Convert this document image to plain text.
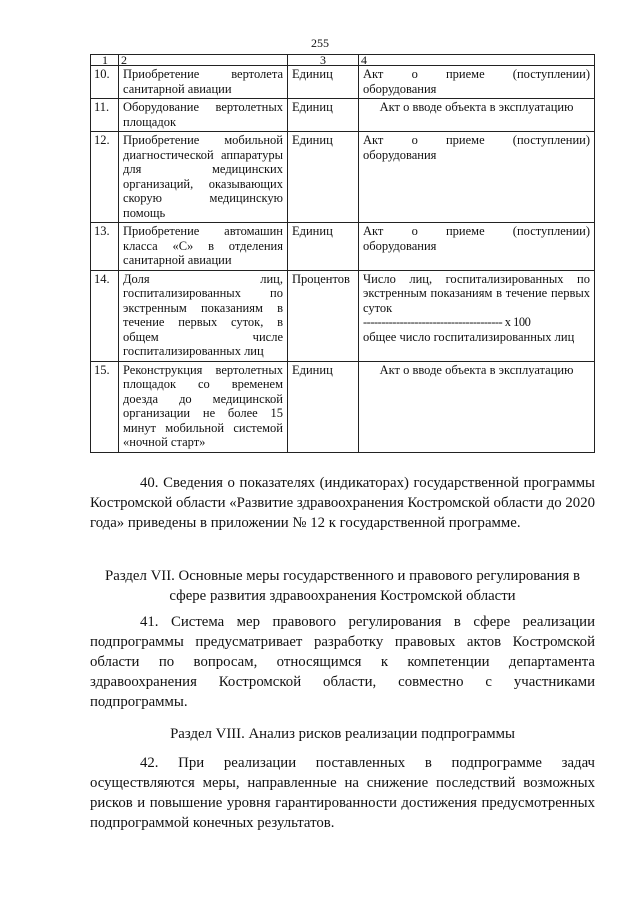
255
1	2	3	4
10.	Приобретение вертолета санитарной авиации	Единиц	Акт о приеме (поступлении) оборудования
11.	Оборудование вертолетных площадок	Единиц	Акт о вводе объекта в эксплуатацию
12.	Приобретение мобильной диагностической аппаратуры для медицинских организаций, оказывающих скорую медицинскую помощь	Единиц	Акт о приеме (поступлении) оборудования
13.	Приобретение автомашин класса «С» в отделения санитарной авиации	Единиц	Акт о приеме (поступлении) оборудования
14.	Доля лиц, госпитализированных по экстренным показаниям в течение первых суток, в общем числе госпитализированных лиц	Процентов	Число лиц, госпитализированных по экстренным показаниям в течение первых суток
-------------------------------------- х 100
общее число госпитализированных лиц

15.	Реконструкция вертолетных площадок со временем доезда до медицинской организации не более 15 минут мобильной системой «ночной старт»	Единиц	Акт о вводе объекта в эксплуатацию

40. Сведения о показателях (индикаторах) государственной программы Костромской области «Развитие здравоохранения Костромской области до 2020 года» приведены в приложении № 12 к государственной программе.

Раздел VII. Основные меры государственного и правового регулирования в сфере развития здравоохранения Костромской области

41. Система мер правового регулирования в сфере реализации подпрограммы предусматривает разработку правовых актов Костромской области по вопросам, относящимся к компетенции департамента здравоохранения Костромской области, совместно с участниками подпрограммы.

Раздел VIII. Анализ рисков реализации подпрограммы

42. При реализации поставленных в подпрограмме задач осуществляются меры, направленные на снижение последствий возможных рисков и повышение уровня гарантированности достижения предусмотренных подпрограммой конечных результатов.
